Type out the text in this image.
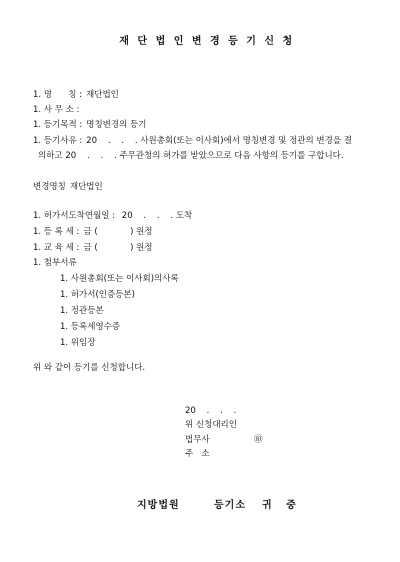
재 단 법 인 변 경 등 기 신 청
1. 명      칭 : 재단법인
1. 사 무 소 :
1. 등기목적 : 명칭변경의 등기
1. 등기사유 : 20    .    .    . 사원총회(또는 이사회)에서 명칭변경 및 정관의 변경을 결
의하고 20    .    .    . 주무관청의 허가를 받았으므로 다음 사항의 등기를 구합니다.
변경명칭 재단법인
1. 허가서도착연월일 : 20    .    .    . 도착
1. 등 록 세 : 금 (            ) 원정
1. 교 육 세 : 금 (            ) 원정
1. 첨부서류
1. 사원총회(또는 이사회)의사록
1. 허가서(인증등본)
1. 정관등본
1. 등록세영수증
1. 위임장
위 와 같이 등기를 신청합니다.
20    .    .    .
위 신청대리인
법무사	㊞
주   소
지방법원	등기소 귀   중
